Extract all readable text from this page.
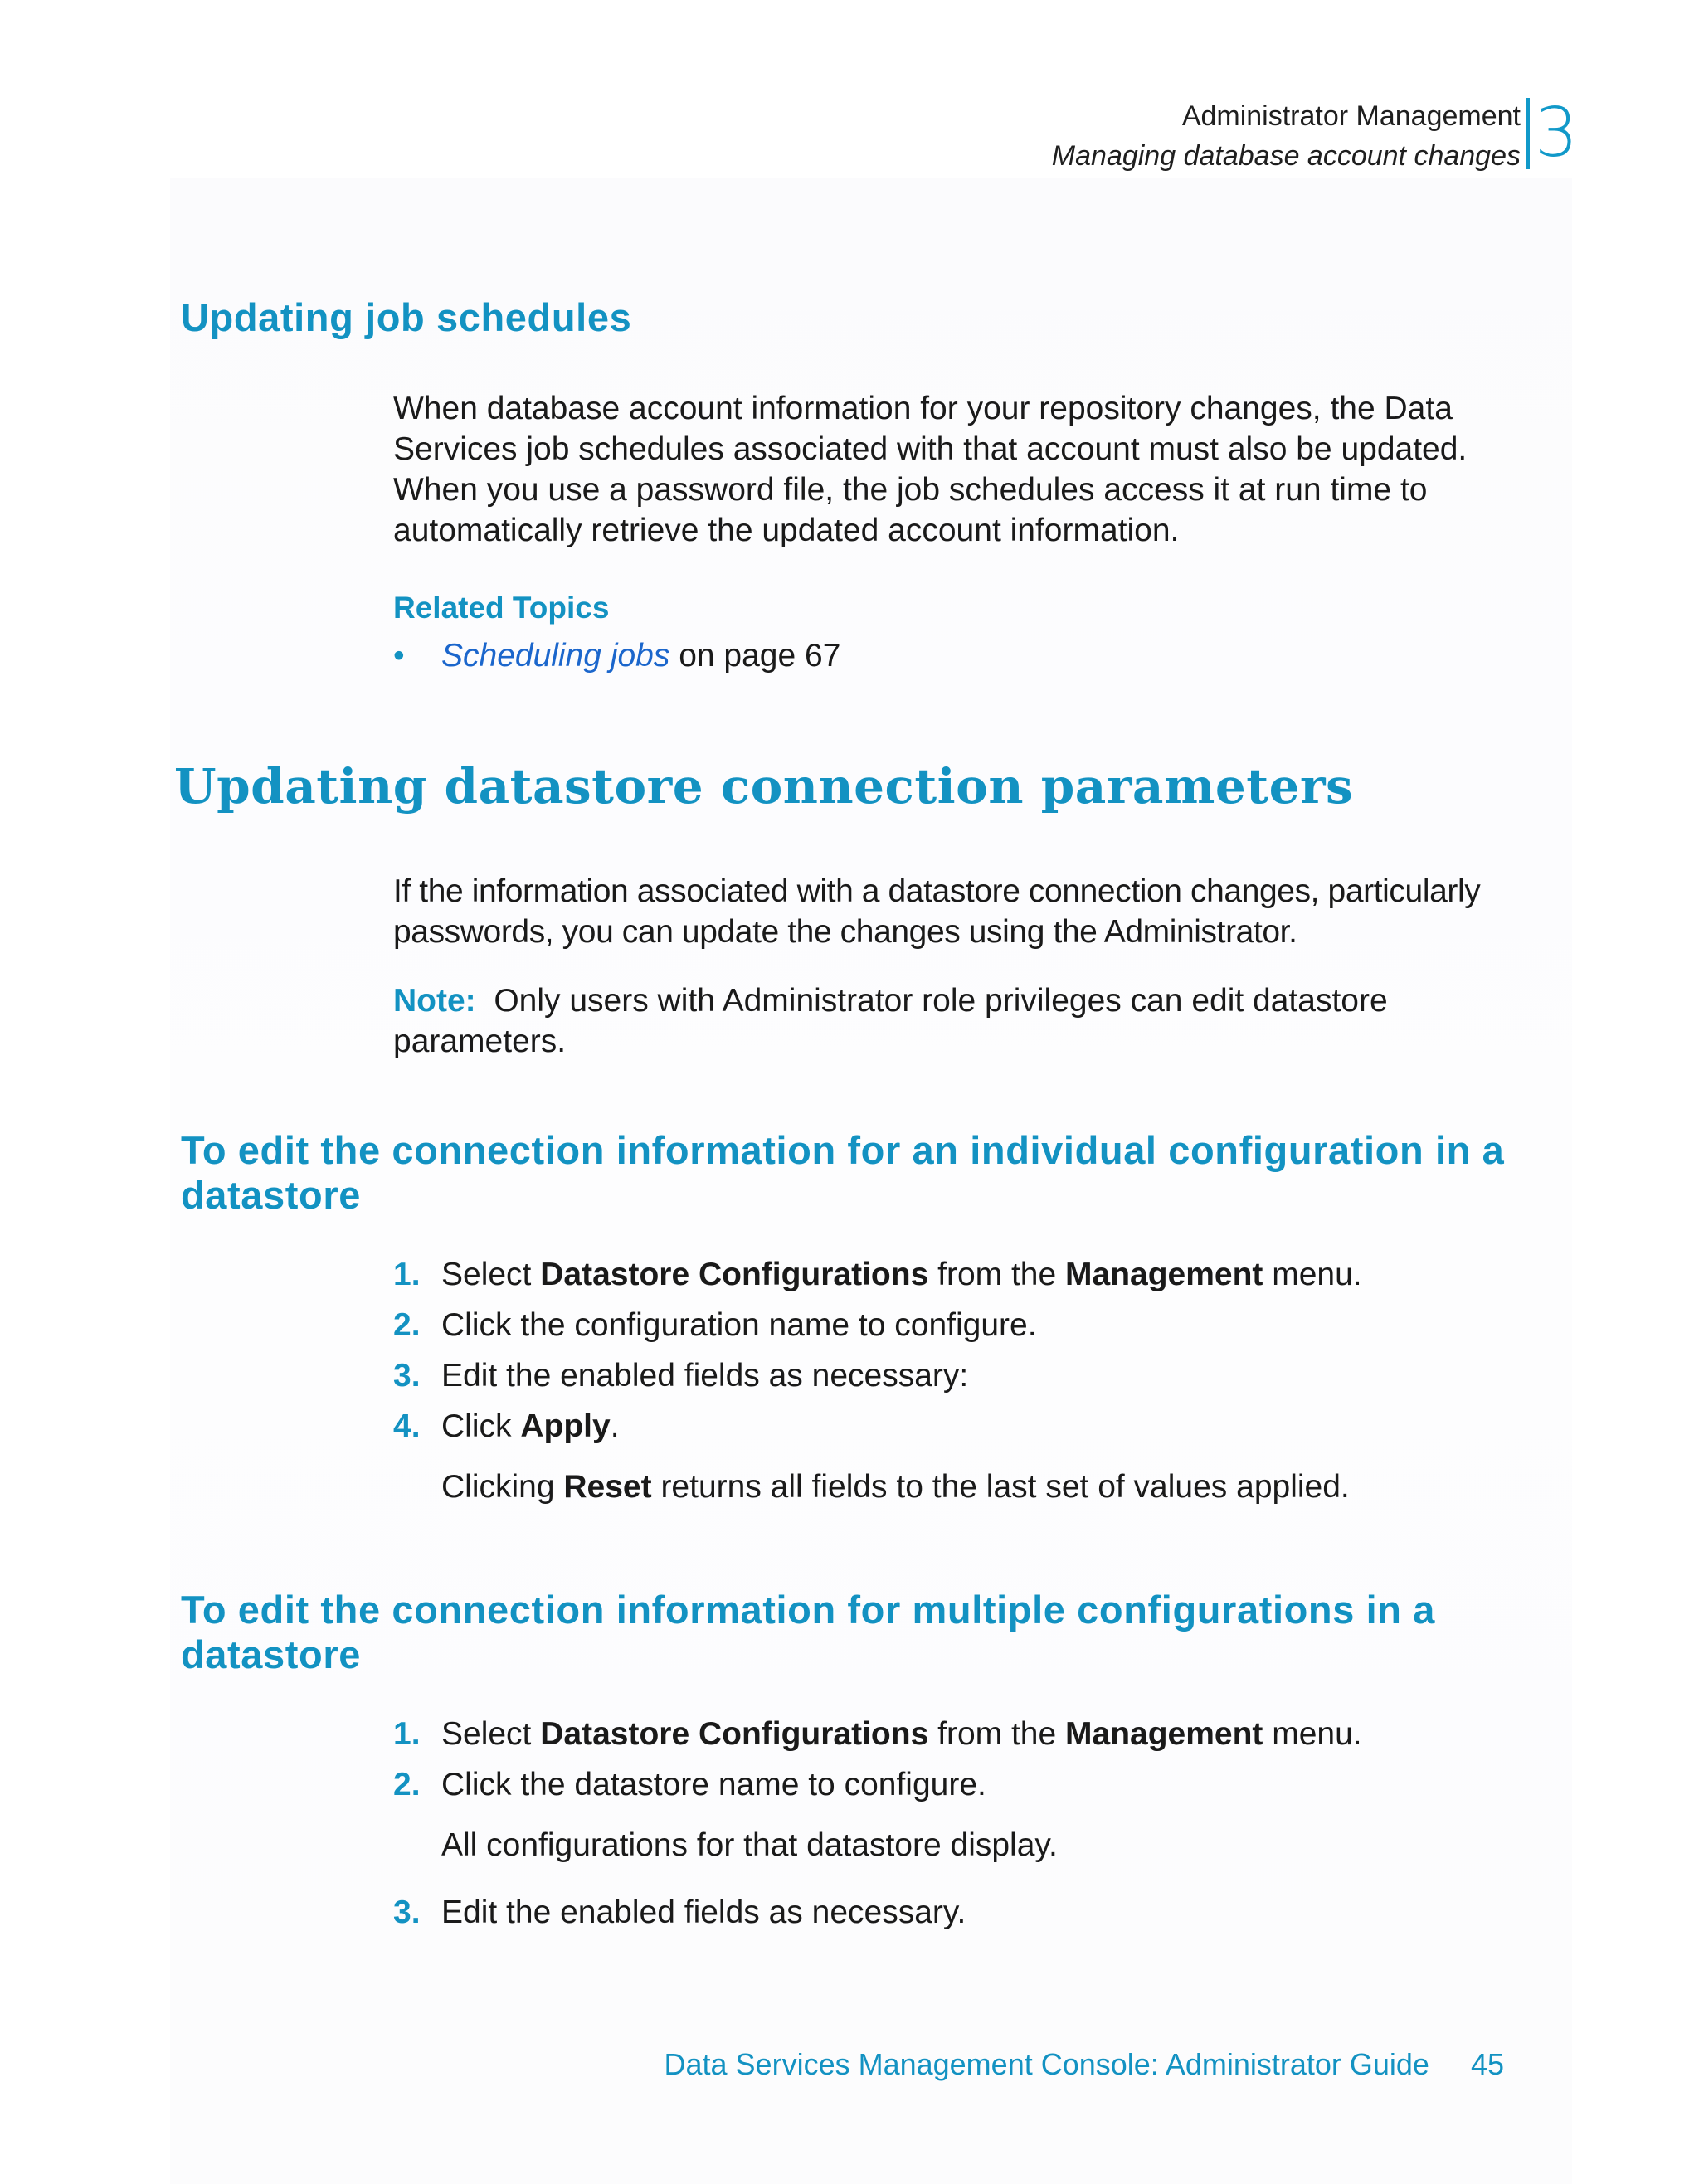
Administrator Management
Managing database account changes 3
Updating job schedules

When database account information for your repository changes, the Data Services job schedules associated with that account must also be updated. When you use a password file, the job schedules access it at run time to automatically retrieve the updated account information.

Related Topics
• Scheduling jobs on page 67
Updating datastore connection parameters

If the information associated with a datastore connection changes, particularly passwords, you can update the changes using the Administrator.

Note: Only users with Administrator role privileges can edit datastore parameters.

To edit the connection information for an individual configuration in a datastore
1. Select Datastore Configurations from the Management menu.
2. Click the configuration name to configure.
3. Edit the enabled fields as necessary:
4. Click Apply.
Clicking Reset returns all fields to the last set of values applied.
To edit the connection information for multiple configurations in a datastore
1. Select Datastore Configurations from the Management menu.
2. Click the datastore name to configure.
All configurations for that datastore display.
3. Edit the enabled fields as necessary.
Data Services Management Console: Administrator Guide 45
